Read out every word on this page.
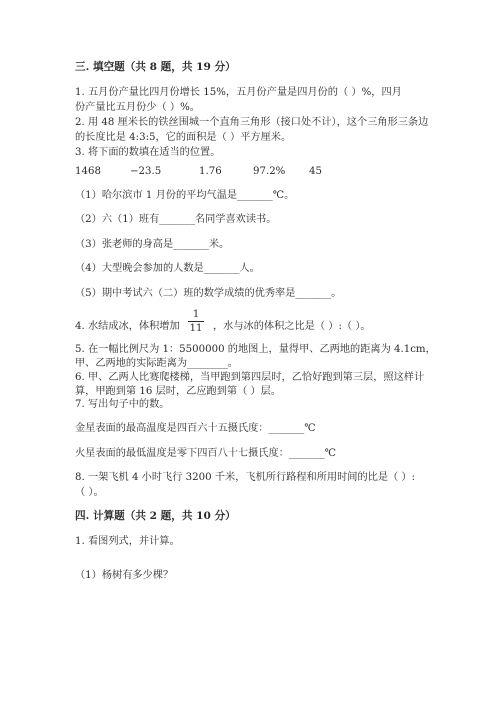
三. 填空题（共 8 题，共 19 分）
1. 五月份产量比四月份增长 15%，五月份产量是四月份的（ ）%，四月
份产量比五月份少（ ）%。
2. 用 48 厘米长的铁丝围城一个直角三角形（接口处不计），这个三角形三条边
的长度比是 4:3:5，它的面积是（ ）平方厘米。
3. 将下面的数填在适当的位置。
1468	−23.5	1.76	97.2% 45
（1）哈尔滨市 1 月份的平均气温是_______℃。
（2）六（1）班有_______名同学喜欢读书。
（3）张老师的身高是_______米。
（4）大型晚会参加的人数是_______人。
（5）期中考试六（二）班的数学成绩的优秀率是_______。
4. 水结成冰，体积增加
1
11 ，水与冰的体积之比是（ ）:（ ）。
5. 在一幅比例尺为 1：5500000 的地图上，量得甲、乙两地的距离为 4.1cm，
甲、乙两地的实际距离为________。
6. 甲、乙两人比赛爬楼梯，当甲跑到第四层时，乙恰好跑到第三层，照这样计
算，甲跑到第 16 层时，乙应跑到第（ ）层。
7. 写出句子中的数。
金星表面的最高温度是四百六十五摄氏度：_______℃
火星表面的最低温度是零下四百八十七摄氏度：_______℃
8. 一架飞机 4 小时飞行 3200 千米，飞机所行路程和所用时间的比是（ ）:
（ ）。
四. 计算题（共 2 题，共 10 分）
1. 看图列式，并计算。
（1）杨树有多少棵？
